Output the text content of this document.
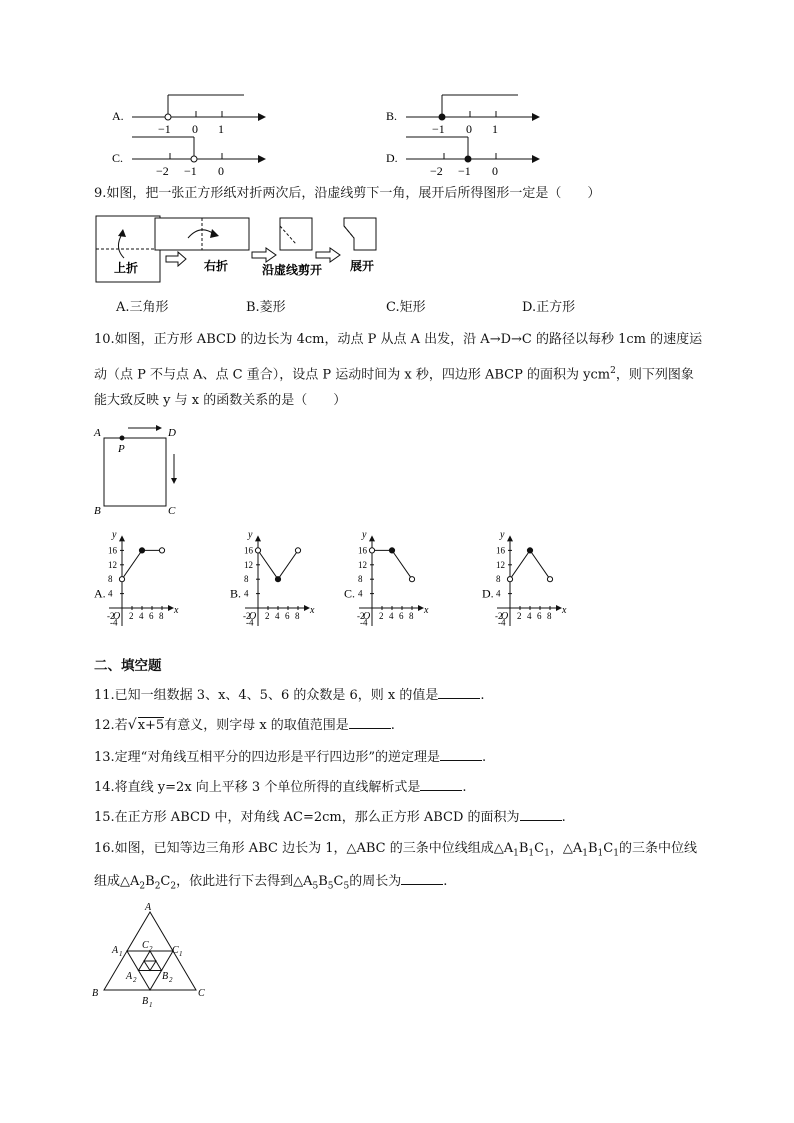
A.
−1 0 1
B.
−1 0 1
C.
−2 −1 0
D.
−2 −1 0
9.如图，把一张正方形纸对折两次后，沿虚线剪下一角，展开后所得图形一定是（　　）
上折	右折	沿虚线剪开 展开
A.三角形	B.菱形	C.矩形	D.正方形
10.如图，正方形 ABCD 的边长为 4cm，动点 P 从点 A 出发，沿 A→D→C 的路径以每秒 1cm 的速度运
动（点 P 不与点 A、点 C 重合），设点 P 运动时间为 x 秒，四边形 ABCP 的面积为 ycm$^2$，则下列图象
能大致反映 y 与 x 的函数关系的是（　　）
A	D
B	C
P
A.
y
x
O
16
12
8
4
-4
-2 2 4 6 8
B.
y
x
O
16
12
8
4
-4
-2 2 4 6 8
C.
y
x
O
16
12
8
4
-4
-2 2 4 6 8
D.
y
x
O
16
12
8
4
-4
-2 2 4 6 8
二、填空题
11.已知一组数据 3、x、4、5、6 的众数是 6，则 x 的值是	.
12.若 √ x+5有意义，则字母 x 的取值范围是	.
13.定理“对角线互相平分的四边形是平行四边形”的逆定理是	.
14.将直线 y=2x 向上平移 3 个单位所得的直线解析式是	.
15.在正方形 ABCD 中，对角线 AC=2cm，那么正方形 ABCD 的面积为	.
16.如图，已知等边三角形 ABC 边长为 1，△ABC 的三条中位线组成$\triangle A_1B_1C_1$，$\triangle A_1B_1C_1$的三条中位线
组成$\triangle A_2B_2C_2$，依此进行下去得到$\triangle A_5B_5C_5$的周长为	.
A
B	C
A 1	C 1
B 1
C 2
A 2	B 2
